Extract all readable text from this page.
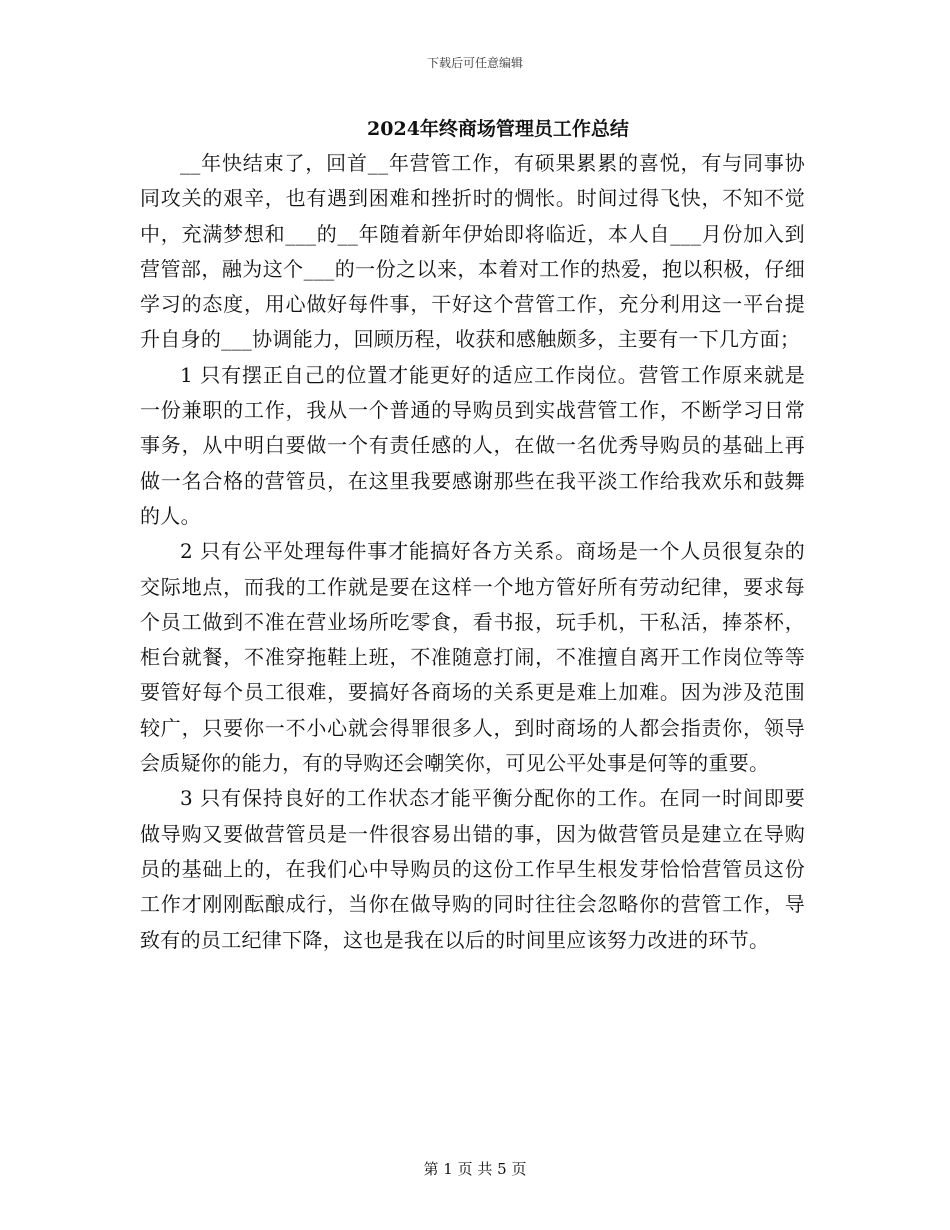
下载后可任意编辑
2024年终商场管理员工作总结

__年快结束了，回首__年营管工作，有硕果累累的喜悦，有与同事协同攻关的艰辛，也有遇到困难和挫折时的惆怅。时间过得飞快，不知不觉中，充满梦想和___的__年随着新年伊始即将临近，本人自___月份加入到营管部，融为这个___的一份之以来，本着对工作的热爱，抱以积极，仔细学习的态度，用心做好每件事，干好这个营管工作，充分利用这一平台提升自身的___协调能力，回顾历程，收获和感触颇多，主要有一下几方面；

1 只有摆正自己的位置才能更好的适应工作岗位。营管工作原来就是一份兼职的工作，我从一个普通的导购员到实战营管工作，不断学习日常事务，从中明白要做一个有责任感的人，在做一名优秀导购员的基础上再做一名合格的营管员，在这里我要感谢那些在我平淡工作给我欢乐和鼓舞的人。

2 只有公平处理每件事才能搞好各方关系。商场是一个人员很复杂的交际地点，而我的工作就是要在这样一个地方管好所有劳动纪律，要求每个员工做到不准在营业场所吃零食，看书报，玩手机，干私活，捧茶杯，柜台就餐，不准穿拖鞋上班，不准随意打闹，不准擅自离开工作岗位等等要管好每个员工很难，要搞好各商场的关系更是难上加难。因为涉及范围较广，只要你一不小心就会得罪很多人，到时商场的人都会指责你，领导会质疑你的能力，有的导购还会嘲笑你，可见公平处事是何等的重要。

3 只有保持良好的工作状态才能平衡分配你的工作。在同一时间即要做导购又要做营管员是一件很容易出错的事，因为做营管员是建立在导购员的基础上的，在我们心中导购员的这份工作早生根发芽恰恰营管员这份工作才刚刚酝酿成行，当你在做导购的同时往往会忽略你的营管工作，导致有的员工纪律下降，这也是我在以后的时间里应该努力改进的环节。

第 1 页 共 5 页
